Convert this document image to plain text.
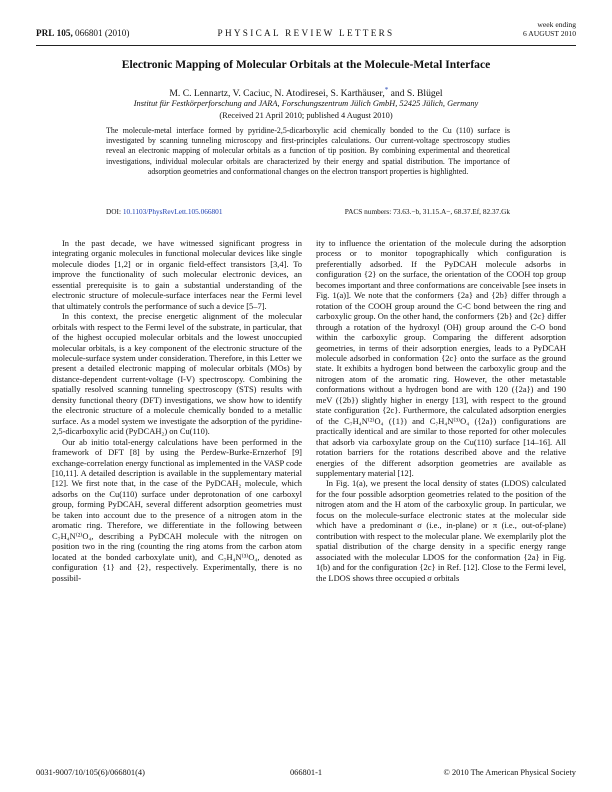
PRL 105, 066801 (2010)	PHYSICAL REVIEW LETTERS
week ending
6 AUGUST 2010
Electronic Mapping of Molecular Orbitals at the Molecule-Metal Interface
M. C. Lennartz, V. Caciuc, N. Atodiresei, S. Karthäuser,* and S. Blügel
Institut für Festkörperforschung and JARA, Forschungszentrum Jülich GmbH, 52425 Jülich, Germany
(Received 21 April 2010; published 4 August 2010)
The molecule-metal interface formed by pyridine-2,5-dicarboxylic acid chemically bonded to the Cu (110) surface is investigated by scanning tunneling microscopy and first-principles calculations. Our current-voltage spectroscopy studies reveal an electronic mapping of molecular orbitals as a function of tip position. By combining experimental and theoretical investigations, individual molecular orbitals are characterized by their energy and spatial distribution. The importance of adsorption geometries and conformational changes on the electron transport properties is highlighted.
DOI: 10.1103/PhysRevLett.105.066801	PACS numbers: 73.63.−b, 31.15.A−, 68.37.Ef, 82.37.Gk

In the past decade, we have witnessed significant progress in integrating organic molecules in functional molecular devices like single molecule diodes [1,2] or in organic field-effect transistors [3,4]. To improve the functionality of such molecular electronic devices, an essential prerequisite is to gain a substantial understanding of the electronic structure of molecule-surface interfaces near the Fermi level that ultimately controls the performance of such a device [5–7].

In this context, the precise energetic alignment of the molecular orbitals with respect to the Fermi level of the substrate, in particular, that of the highest occupied molecular orbitals and the lowest unoccupied molecular orbitals, is a key component of the electronic structure of the molecule-surface system under consideration. Therefore, in this Letter we present a detailed electronic mapping of molecular orbitals (MOs) by distance-dependent current-voltage (I-V) spectroscopy. Combining the spatially resolved scanning tunneling spectroscopy (STS) results with density functional theory (DFT) investigations, we show how to identify the electronic structure of a molecule chemically bonded to a metallic surface. As a model system we investigate the adsorption of the pyridine-2,5-dicarboxylic acid (PyDCAH₂) on Cu(110).

Our ab initio total-energy calculations have been performed in the framework of DFT [8] by using the Perdew-Burke-Ernzerhof [9] exchange-correlation energy functional as implemented in the VASP code [10,11]. A detailed description is available in the supplementary material [12]. We first note that, in the case of the PyDCAH₂ molecule, which adsorbs on the Cu(110) surface under deprotonation of one carboxyl group, forming PyDCAH, several different adsorption geometries must be taken into account due to the presence of a nitrogen atom in the aromatic ring. Therefore, we differentiate in the following between C₇H₄N⁽²⁾O₄, describing a PyDCAH molecule with the nitrogen on position two in the ring (counting the ring atoms from the carbon atom located at the bonded carboxylate unit), and C₇H₄N⁽³⁾O₄, denoted as configuration {1} and {2}, respectively. Experimentally, there is no possibil-

ity to influence the orientation of the molecule during the adsorption process or to monitor topographically which configuration is preferentially adsorbed. If the PyDCAH molecule adsorbs in configuration {2} on the surface, the orientation of the COOH top group becomes important and three conformations are conceivable [see insets in Fig. 1(a)]. We note that the conformers {2a} and {2b} differ through a rotation of the COOH group around the C-C bond between the ring and carboxylic group. On the other hand, the conformers {2b} and {2c} differ through a rotation of the hydroxyl (OH) group around the C-O bond within the carboxylic group. Comparing the different adsorption geometries, in terms of their adsorption energies, leads to a PyDCAH molecule adsorbed in conformation {2c} onto the surface as the ground state. It exhibits a hydrogen bond between the carboxylic group and the nitrogen atom of the aromatic ring. However, the other metastable conformations without a hydrogen bond are with 120 ({2a}) and 190 meV ({2b}) slightly higher in energy [13], with respect to the ground state configuration {2c}. Furthermore, the calculated adsorption energies of the C₇H₄N⁽²⁾O₄ ({1}) and C₇H₄N⁽³⁾O₄ ({2a}) configurations are practically identical and are similar to those reported for other molecules that adsorb via carboxylate group on the Cu(110) surface [14–16]. All rotation barriers for the rotations described above and the relative energies of the different adsorption geometries are available as supplementary material [12].

In Fig. 1(a), we present the local density of states (LDOS) calculated for the four possible adsorption geometries related to the position of the nitrogen atom and the H atom of the carboxylic group. In particular, we focus on the molecule-surface electronic states at the molecular side which have a predominant σ (i.e., in-plane) or π (i.e., out-of-plane) contribution with respect to the molecular plane. We exemplarily plot the spatial distribution of the charge density in a specific energy range associated with the molecular LDOS for the conformation {2a} in Fig. 1(b) and for the configuration {2c} in Ref. [12]. Close to the Fermi level, the LDOS shows three occupied σ orbitals

0031-9007/10/105(6)/066801(4)	066801-1	© 2010 The American Physical Society
